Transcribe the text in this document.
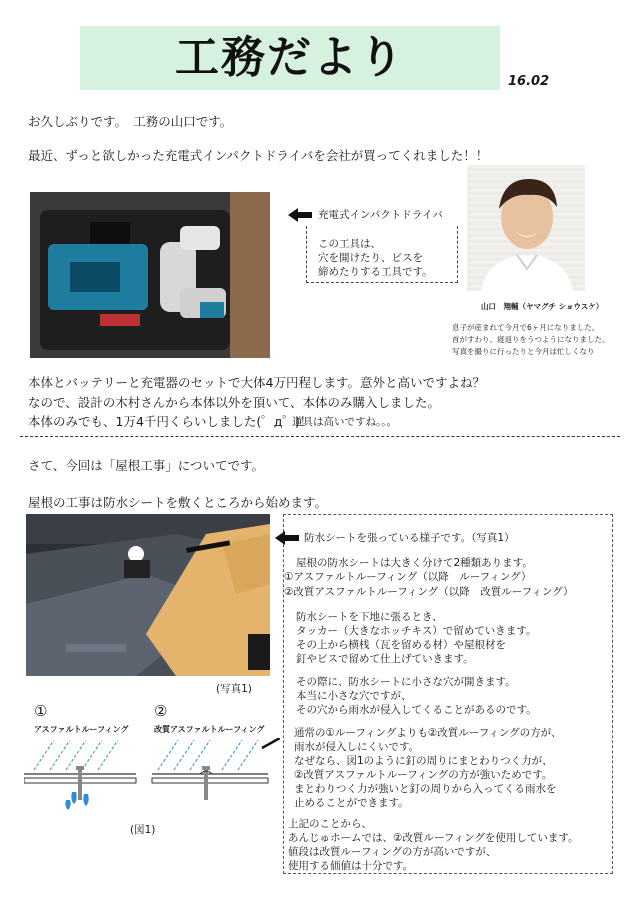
工務だより	16.02
お久しぶりです。　工務の山口です。
最近、ずっと欲しかった充電式インパクトドライバを会社が買ってくれました！！
充電式インパクトドライバ
この工具は、
穴を開けたり、ビスを
締めたりする工具です。
山口　翔輔（ヤマグチ ショウスケ）
息子が産まれて今月で6ヶ月になりました。
首がすわり、寝返りをうつようになりました。
写真を撮りに行ったりと今月は忙しくなり
本体とバッテリーと充電器のセットで大体4万円程します。意外と高いですよね？
なので、設計の木村さんから本体以外を頂いて、本体のみ購入しました。
本体のみでも、1万4千円くらいしました(゜д゜)！
道具は高いですね。。。
さて、今回は「屋根工事」についてです。
屋根の工事は防水シートを敷くところから始めます。
(写真1)
防水シートを張っている様子です。（写真1）
屋根の防水シートは大きく分けて2種類あります。
①アスファルトルーフィング（以降　ルーフィング）
②改質アスファルトルーフィング（以降　改質ルーフィング）
防水シートを下地に張るとき、
タッカー（大きなホッチキス）で留めていきます。
その上から横桟（瓦を留める材）や屋根材を
釘やビスで留めて仕上げていきます。
その際に、防水シートに小さな穴が開きます。
本当に小さな穴ですが、
その穴から雨水が侵入してくることがあるのです。
通常の①ルーフィングよりも②改質ルーフィングの方が、
雨水が侵入しにくいです。
なぜなら、図1のように釘の周りにまとわりつく力が、
②改質アスファルトルーフィングの方が強いためです。
まとわりつく力が強いと釘の周りから入ってくる雨水を
止めることができます。
上記のことから、
あんじゅホームでは、②改質ルーフィングを使用しています。
値段は改質ルーフィングの方が高いですが、
使用する価値は十分です。
①
アスファルトルーフィング
②
改質アスファルトルーフィング
(図1)
